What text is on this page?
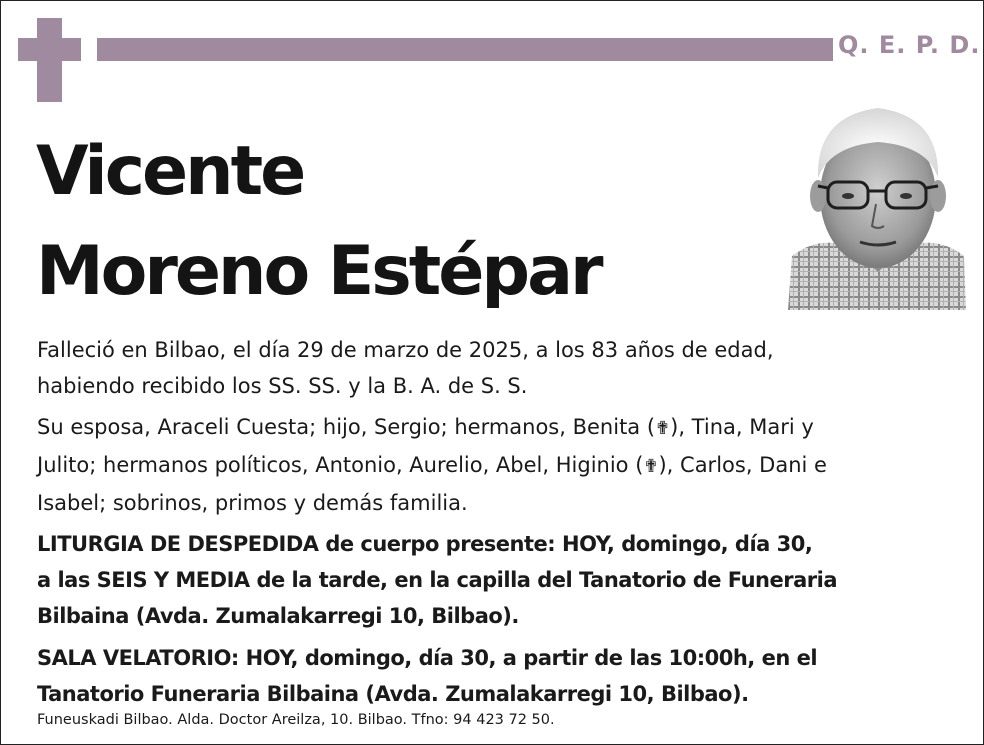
Q. E. P. D.
Vicente
Moreno Estépar
Falleció en Bilbao, el día 29 de marzo de 2025, a los 83 años de edad,
habiendo recibido los SS. SS. y la B. A. de S. S.
Su esposa, Araceli Cuesta; hijo, Sergio; hermanos, Benita (✟), Tina, Mari y
Julito; hermanos políticos, Antonio, Aurelio, Abel, Higinio (✟), Carlos, Dani e
Isabel; sobrinos, primos y demás familia.
LITURGIA DE DESPEDIDA de cuerpo presente: HOY, domingo, día 30,
a las SEIS Y MEDIA de la tarde, en la capilla del Tanatorio de Funeraria
Bilbaina (Avda. Zumalakarregi 10, Bilbao).
SALA VELATORIO: HOY, domingo, día 30, a partir de las 10:00h, en el
Tanatorio Funeraria Bilbaina (Avda. Zumalakarregi 10, Bilbao).
Funeuskadi Bilbao. Alda. Doctor Areilza, 10. Bilbao. Tfno: 94 423 72 50.
